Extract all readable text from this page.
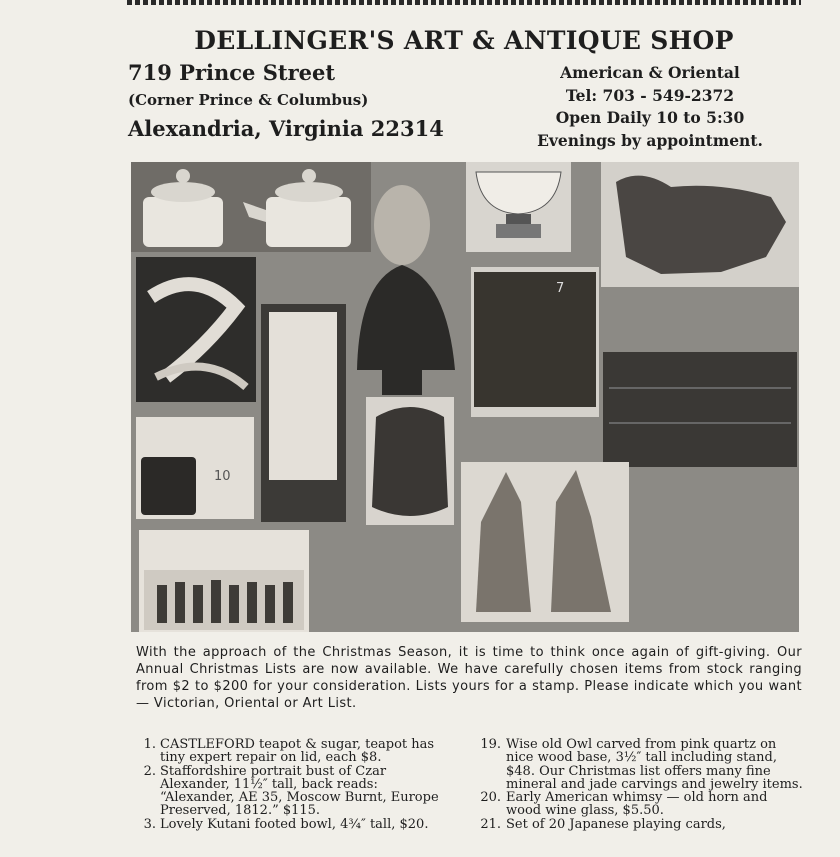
DELLINGER'S ART & ANTIQUE SHOP
719 Prince Street
(Corner Prince & Columbus)
Alexandria, Virginia 22314
American & Oriental
Tel: 703 - 549-2372
Open Daily 10 to 5:30
Evenings by appointment.
7
10
With the approach of the Christmas Season, it is time to think once again of gift-giving. Our Annual Christmas Lists are now available. We have carefully chosen items from stock ranging from $2 to $200 for your consideration. Lists yours for a stamp. Please indicate which you want — Victorian, Oriental or Art List.

1. CASTLEFORD teapot & sugar, teapot has tiny expert repair on lid, each $8.

2. Staffordshire portrait bust of Czar Alexander, 11½″ tall, back reads: “Alexander, AE 35, Moscow Burnt, Europe Preserved, 1812.” $115.

3. Lovely Kutani footed bowl, 4¾″ tall, $20.

19. Wise old Owl carved from pink quartz on nice wood base, 3½″ tall including stand, $48. Our Christmas list offers many fine mineral and jade carvings and jewelry items.

20. Early American whimsy — old horn and wood wine glass, $5.50.

21. Set of 20 Japanese playing cards,
